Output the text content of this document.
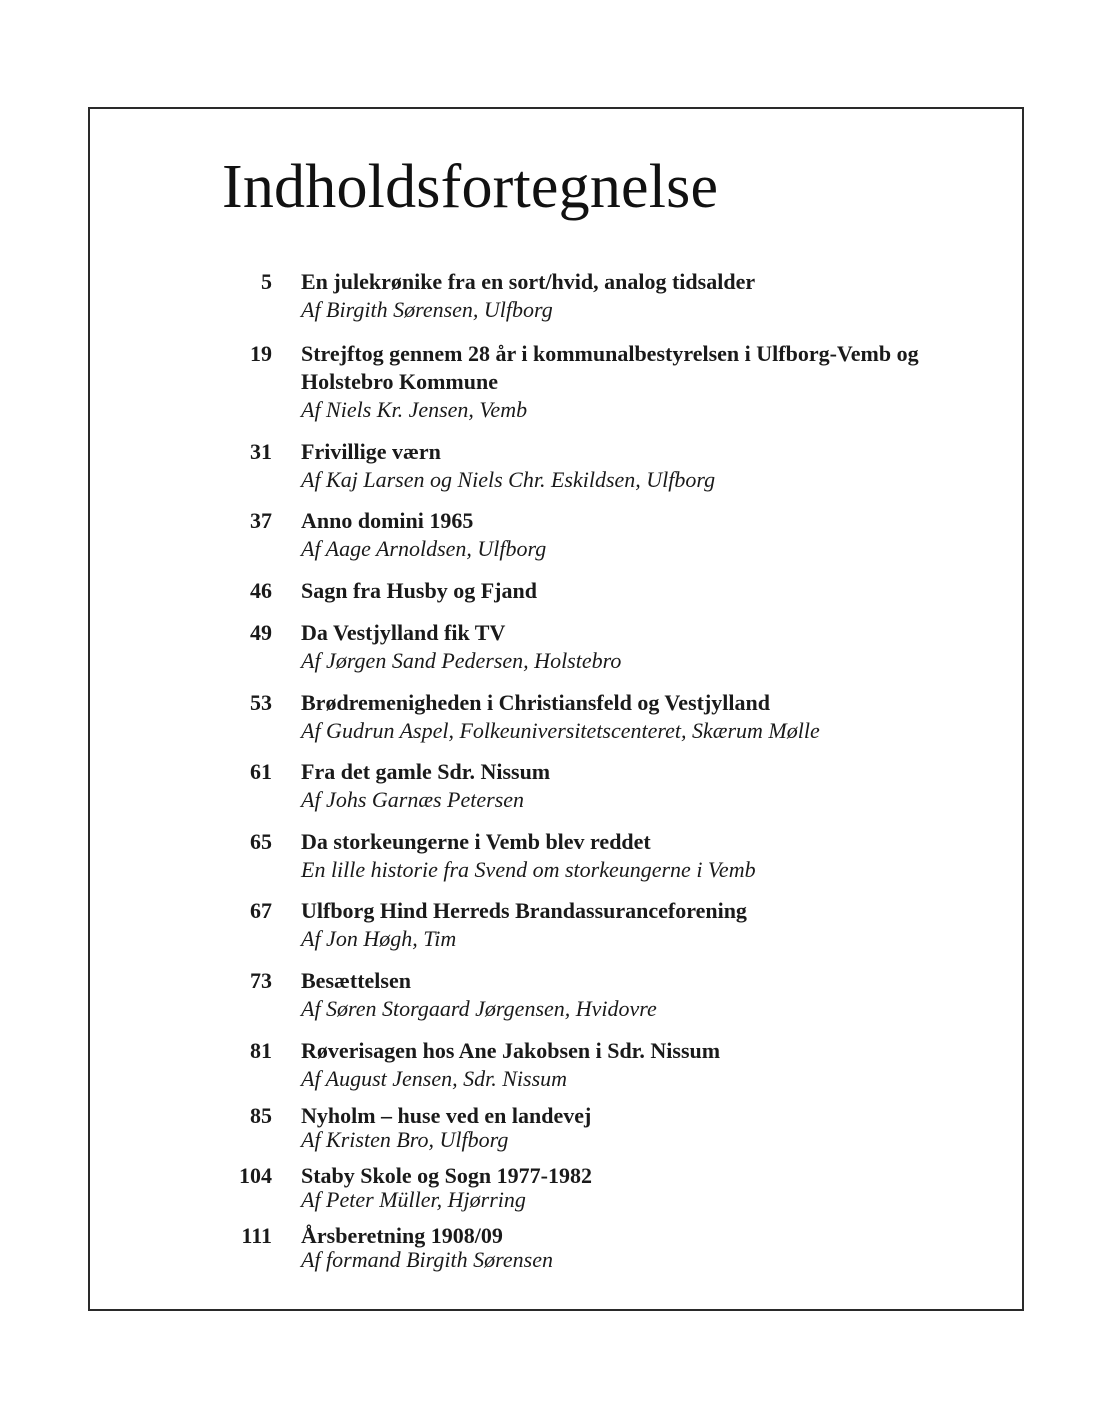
Indholdsfortegnelse
5 En julekrønike fra en sort/hvid, analog tidsalder
Af Birgith Sørensen, Ulfborg
19 Strejftog gennem 28 år i kommunalbestyrelsen i Ulfborg-Vemb og Holstebro Kommune
Af Niels Kr. Jensen, Vemb
31 Frivillige værn
Af Kaj Larsen og Niels Chr. Eskildsen, Ulfborg
37 Anno domini 1965
Af Aage Arnoldsen, Ulfborg
46 Sagn fra Husby og Fjand
49 Da Vestjylland fik TV
Af Jørgen Sand Pedersen, Holstebro
53 Brødremenigheden i Christiansfeld og Vestjylland
Af Gudrun Aspel, Folkeuniversitetscenteret, Skærum Mølle
61 Fra det gamle Sdr. Nissum
Af Johs Garnæs Petersen
65 Da storkeungerne i Vemb blev reddet
En lille historie fra Svend om storkeungerne i Vemb
67 Ulfborg Hind Herreds Brandassuranceforening
Af Jon Høgh, Tim
73 Besættelsen
Af Søren Storgaard Jørgensen, Hvidovre
81 Røverisagen hos Ane Jakobsen i Sdr. Nissum
Af August Jensen, Sdr. Nissum
85 Nyholm – huse ved en landevej
Af Kristen Bro, Ulfborg
104 Staby Skole og Sogn 1977-1982
Af Peter Müller, Hjørring
111 Årsberetning 1908/09
Af formand Birgith Sørensen
